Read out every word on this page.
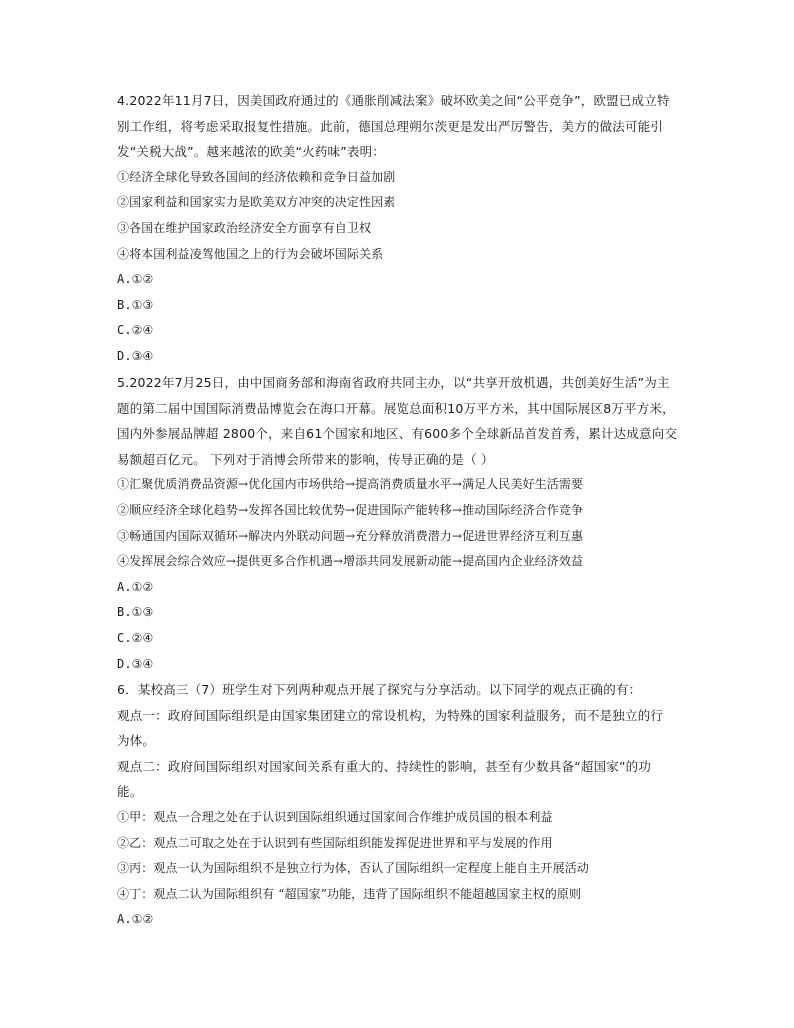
4.2022年11月7日，因美国政府通过的《通胀削减法案》破坏欧美之间“公平竞争”，欧盟已成立特
别工作组，将考虑采取报复性措施。此前，德国总理朔尔茨更是发出严厉警告，美方的做法可能引
发“关税大战”。越来越浓的欧美“火药味”表明：
①经济全球化导致各国间的经济依赖和竞争日益加剧
②国家利益和国家实力是欧美双方冲突的决定性因素
③各国在维护国家政治经济安全方面享有自卫权
④将本国利益凌驾他国之上的行为会破坏国际关系
A.①②
B.①③
C.②④
D.③④
5.2022年7月25日，由中国商务部和海南省政府共同主办，以“共享开放机遇，共创美好生活”为主
题的第二届中国国际消费品博览会在海口开幕。展览总面积10万平方米，其中国际展区8万平方米，
国内外参展品牌超 2800个，来自61个国家和地区、有600多个全球新品首发首秀，累计达成意向交
易额超百亿元。 下列对于消博会所带来的影响，传导正确的是（ ）
①汇聚优质消费品资源→优化国内市场供给→提高消费质量水平→满足人民美好生活需要
②顺应经济全球化趋势→发挥各国比较优势→促进国际产能转移→推动国际经济合作竞争
③畅通国内国际双循环→解决内外联动问题→充分释放消费潜力→促进世界经济互利互惠
④发挥展会综合效应→提供更多合作机遇→增添共同发展新动能→提高国内企业经济效益
A.①②
B.①③
C.②④
D.③④
6．某校高三（7）班学生对下列两种观点开展了探究与分享活动。以下同学的观点正确的有：
观点一：政府间国际组织是由国家集团建立的常设机构，为特殊的国家利益服务，而不是独立的行
为体。
观点二：政府间国际组织对国家间关系有重大的、持续性的影响，甚至有少数具备“超国家”的功
能。
①甲：观点一合理之处在于认识到国际组织通过国家间合作维护成员国的根本利益
②乙：观点二可取之处在于认识到有些国际组织能发挥促进世界和平与发展的作用
③丙：观点一认为国际组织不是独立行为体，否认了国际组织一定程度上能自主开展活动
④丁：观点二认为国际组织有 “超国家”功能，违背了国际组织不能超越国家主权的原则
A.①②
